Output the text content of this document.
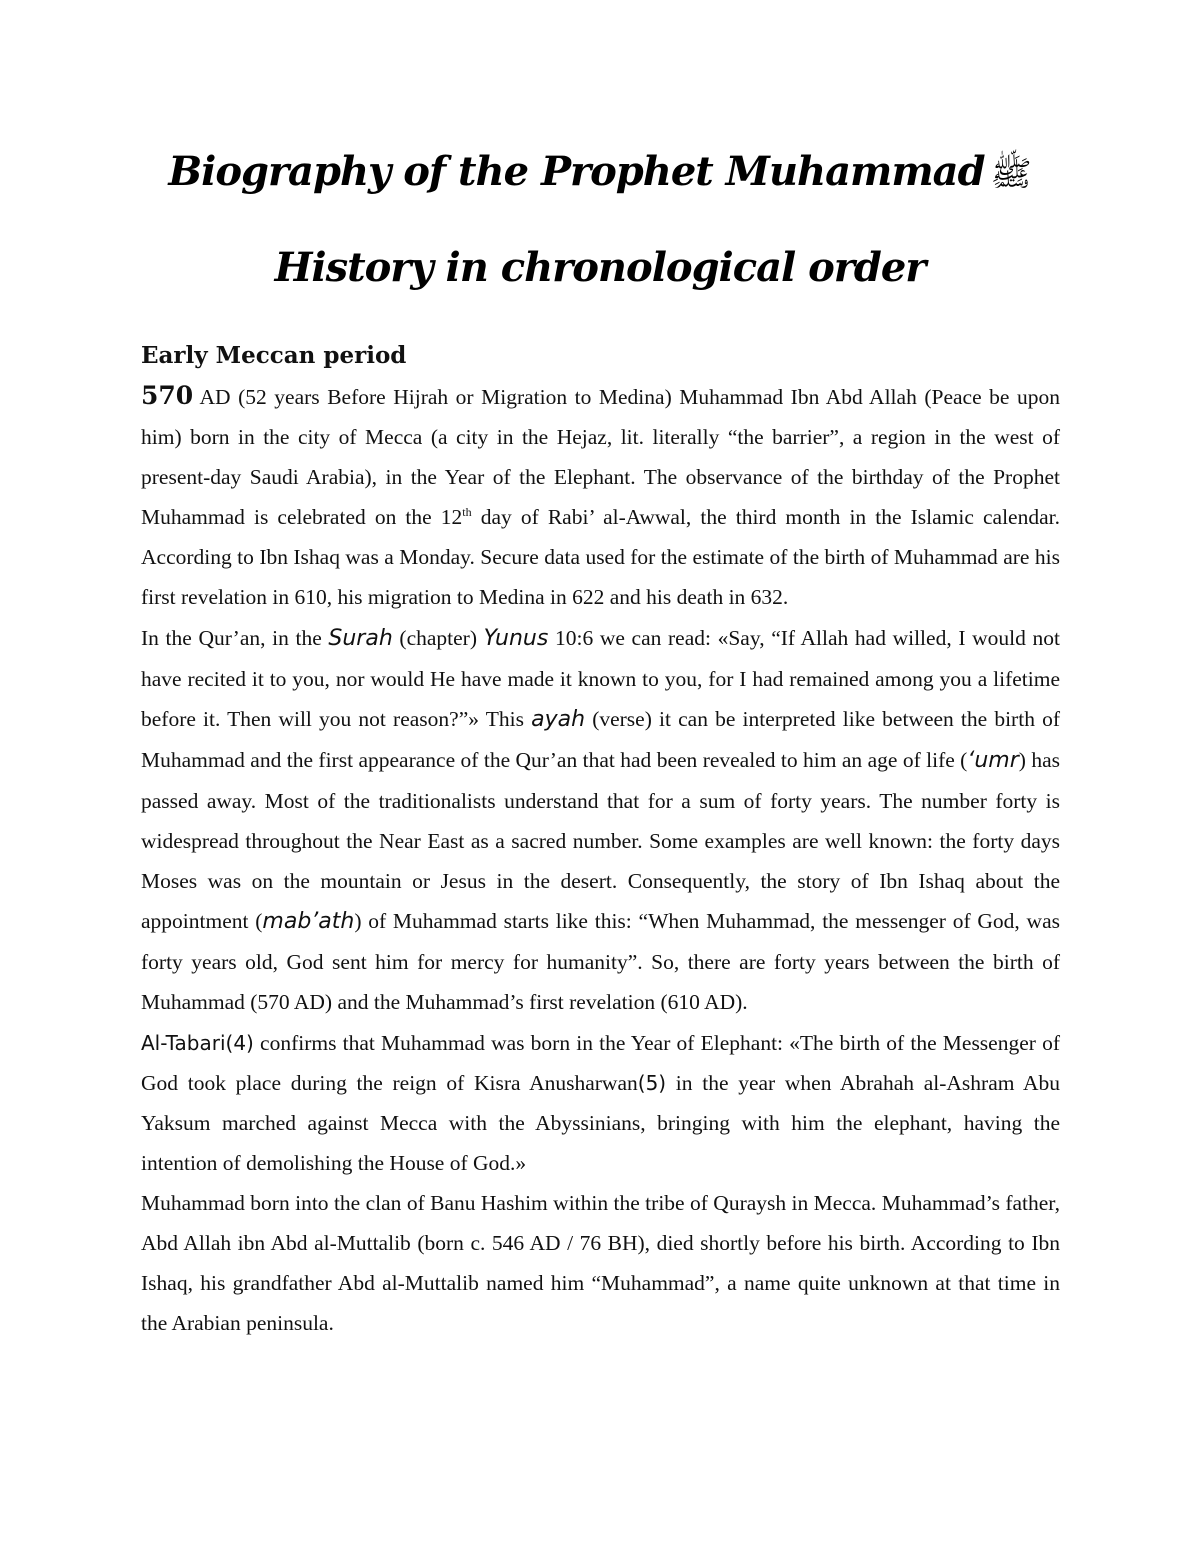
Biography of the Prophet Muhammad ﷺ
History in chronological order
Early Meccan period

570 AD (52 years Before Hijrah or Migration to Medina) Muhammad Ibn Abd Allah (Peace be upon him) born in the city of Mecca (a city in the Hejaz, lit. literally “the barrier”, a region in the west of present-day Saudi Arabia), in the Year of the Elephant. The observance of the birthday of the Prophet Muhammad is celebrated on the 12th day of Rabi’ al-Awwal, the third month in the Islamic calendar. According to Ibn Ishaq was a Monday. Secure data used for the estimate of the birth of Muhammad are his first revelation in 610, his migration to Medina in 622 and his death in 632.

In the Qur’an, in the Surah (chapter) Yunus 10:6 we can read: «Say, “If Allah had willed, I would not have recited it to you, nor would He have made it known to you, for I had remained among you a lifetime before it. Then will you not reason?”» This ayah (verse) it can be interpreted like between the birth of Muhammad and the first appearance of the Qur’an that had been revealed to him an age of life (‘umr) has passed away. Most of the traditionalists understand that for a sum of forty years. The number forty is widespread throughout the Near East as a sacred number. Some examples are well known: the forty days Moses was on the mountain or Jesus in the desert. Consequently, the story of Ibn Ishaq about the appointment (mab’ath) of Muhammad starts like this: “When Muhammad, the messenger of God, was forty years old, God sent him for mercy for humanity”. So, there are forty years between the birth of Muhammad (570 AD) and the Muhammad’s first revelation (610 AD).

Al-Tabari(4) confirms that Muhammad was born in the Year of Elephant: «The birth of the Messenger of God took place during the reign of Kisra Anusharwan(5) in the year when Abrahah al-Ashram Abu Yaksum marched against Mecca with the Abyssinians, bringing with him the elephant, having the intention of demolishing the House of God.»

Muhammad born into the clan of Banu Hashim within the tribe of Quraysh in Mecca. Muhammad’s father, Abd Allah ibn Abd al-Muttalib (born c. 546 AD / 76 BH), died shortly before his birth. According to Ibn Ishaq, his grandfather Abd al-Muttalib named him “Muhammad”, a name quite unknown at that time in the Arabian peninsula.
